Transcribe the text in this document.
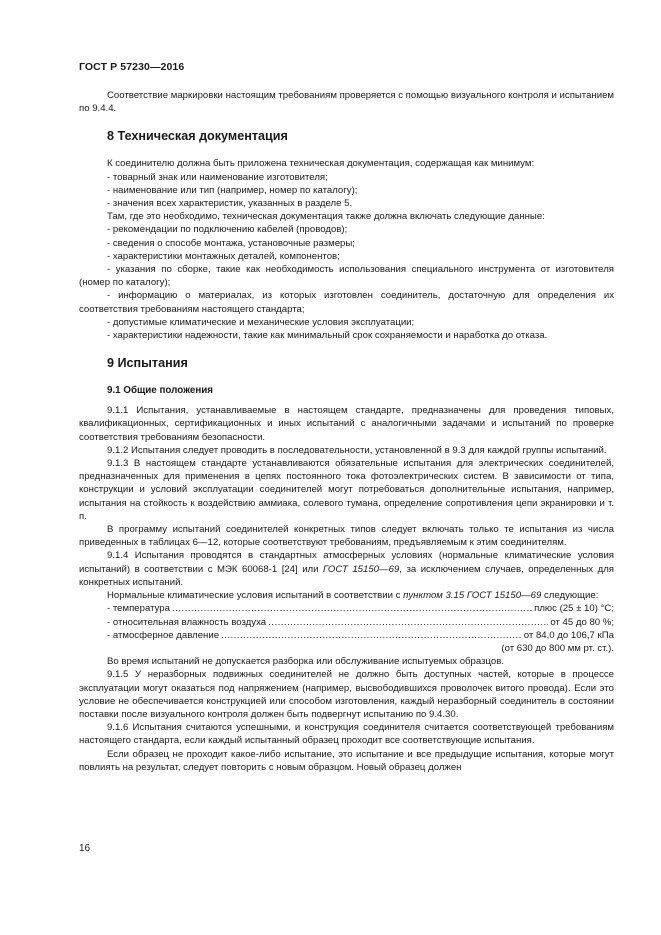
ГОСТ Р 57230—2016

Соответствие маркировки настоящим требованиям проверяется с помощью визуального контроля и испытанием по 9.4.4.

8 Техническая документация

К соединителю должна быть приложена техническая документация, содержащая как минимум:

- товарный знак или наименование изготовителя;

- наименование или тип (например, номер по каталогу);

- значения всех характеристик, указанных в разделе 5.

Там, где это необходимо, техническая документация также должна включать следующие данные:

- рекомендации по подключению кабелей (проводов);

- сведения о способе монтажа, установочные размеры;

- характеристики монтажных деталей, компонентов;

- указания по сборке, такие как необходимость использования специального инструмента от изготовителя (номер по каталогу);

- информацию о материалах, из которых изготовлен соединитель, достаточную для определения их соответствия требованиям настоящего стандарта;

- допустимые климатические и механические условия эксплуатации;

- характеристики надежности, такие как минимальный срок сохраняемости и наработка до отказа.

9 Испытания
9.1 Общие положения

9.1.1 Испытания, устанавливаемые в настоящем стандарте, предназначены для проведения типовых, квалификационных, сертификационных и иных испытаний с аналогичными задачами и испытаний по проверке соответствия требованиям безопасности.

9.1.2 Испытания следует проводить в последовательности, установленной в 9.3 для каждой группы испытаний.

9.1.3 В настоящем стандарте устанавливаются обязательные испытания для электрических соединителей, предназначенных для применения в цепях постоянного тока фотоэлектрических систем. В зависимости от типа, конструкции и условий эксплуатации соединителей могут потребоваться дополнительные испытания, например, испытания на стойкость к воздействию аммиака, солевого тумана, определение сопротивления цепи экранировки и т. п.

В программу испытаний соединителей конкретных типов следует включать только те испытания из числа приведенных в таблицах 6—12, которые соответствуют требованиям, предъявляемым к этим соединителям.

9.1.4 Испытания проводятся в стандартных атмосферных условиях (нормальные климатические условия испытаний) в соответствии с МЭК 60068-1 [24] или ГОСТ 15150—69, за исключением случаев, определенных для конкретных испытаний.

Нормальные климатические условия испытаний в соответствии с пунктом 3.15 ГОСТ 15150—69 следующие:

- температура .....	плюс (25 ± 10) °С;
- относительная влажность воздуха .....	от 45 до 80 %;
- атмосферное давление .....	от 84,0 до 106,7 кПа

(от 630 до 800 мм рт. ст.).

Во время испытаний не допускается разборка или обслуживание испытуемых образцов.

9.1.5 У неразборных подвижных соединителей не должно быть доступных частей, которые в процессе эксплуатации могут оказаться под напряжением (например, высвободившихся проволочек витого провода). Если это условие не обеспечивается конструкцией или способом изготовления, каждый неразборный соединитель в состоянии поставки после визуального контроля должен быть подвергнут испытанию по 9.4.30.

9.1.6 Испытания считаются успешными, и конструкция соединителя считается соответствующей требованиям настоящего стандарта, если каждый испытанный образец проходит все соответствующие испытания.

Если образец не проходит какое-либо испытание, это испытание и все предыдущие испытания, которые могут повлиять на результат, следует повторить с новым образцом. Новый образец должен

16
